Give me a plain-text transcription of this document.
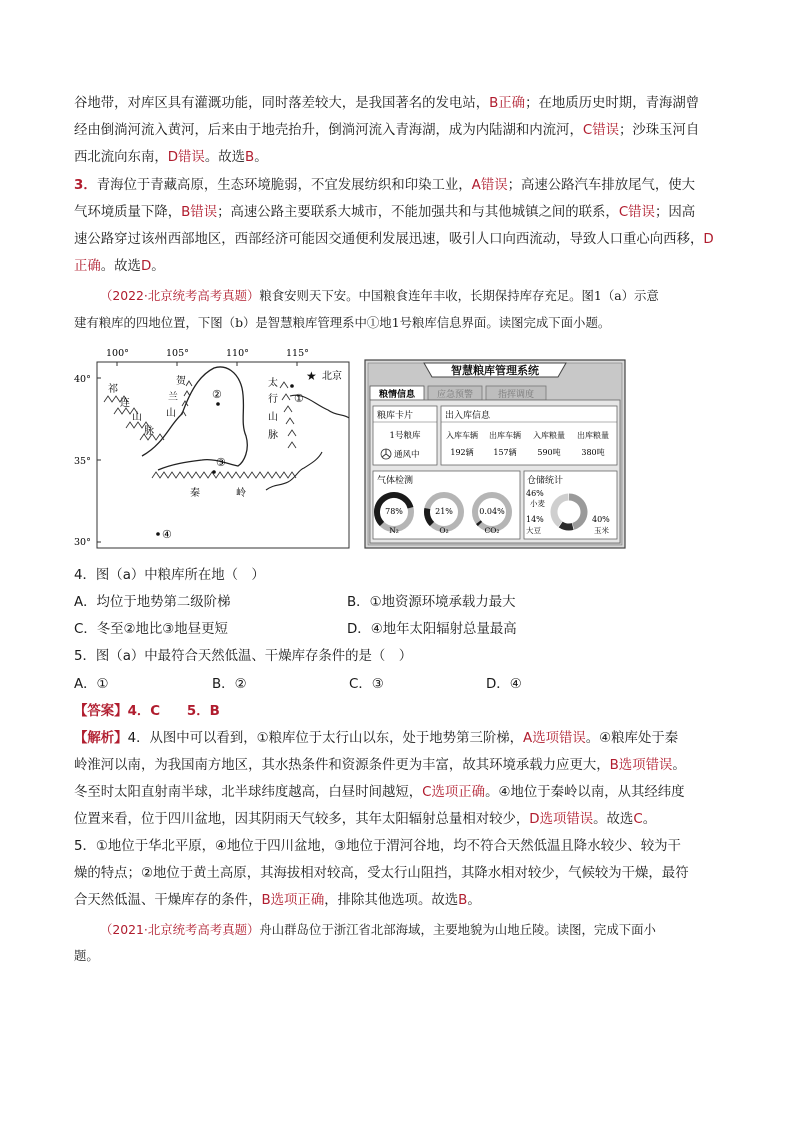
谷地带，对库区具有灌溉功能，同时落差较大，是我国著名的发电站，B正确；在地质历史时期，青海湖曾
经由倒淌河流入黄河，后来由于地壳抬升，倒淌河流入青海湖，成为内陆湖和内流河，C错误；沙珠玉河自
西北流向东南，D错误。故选B。
3．青海位于青藏高原，生态环境脆弱，不宜发展纺织和印染工业，A错误；高速公路汽车排放尾气，使大
气环境质量下降，B错误；高速公路主要联系大城市，不能加强共和与其他城镇之间的联系，C错误；因高
速公路穿过该州西部地区，西部经济可能因交通便利发展迅速，吸引人口向西流动，导致人口重心向西移，D
正确。故选D。
（2022·北京统考高考真题）粮食安则天下安。中国粮食连年丰收，长期保持库存充足。图1（a）示意
建有粮库的四地位置，下图（b）是智慧粮库管理系中①地1号粮库信息界面。读图完成下面小题。
100°	105°	110°	115°
40°
35°
30°
祁
连
山
脉
贺
兰
山
太
行
山
脉
秦	岭
★ 北京
①
②
③
④
智慧粮库管理系统
粮情信息 应急预警	指挥调度
粮库卡片
1号粮库
通风中
出入库信息
入库车辆 出库车辆 入库粮量 出库粮量
192辆 157辆	590吨	380吨
气体检测
78%
N₂
21%
O₂
0.04%
CO₂
仓储统计
46%
小麦
14%
大豆
40%
玉米
4．图（a）中粮库所在地（　）
A．均位于地势第二级阶梯	B．①地资源环境承载力最大
C．冬至②地比③地昼更短	D．④地年太阳辐射总量最高
5．图（a）中最符合天然低温、干燥库存条件的是（　）
A．①	B．②	C．③	D．④
【答案】4．C　　5．B
【解析】4．从图中可以看到，①粮库位于太行山以东，处于地势第三阶梯，A选项错误。④粮库处于秦
岭淮河以南，为我国南方地区，其水热条件和资源条件更为丰富，故其环境承载力应更大，B选项错误。
冬至时太阳直射南半球，北半球纬度越高，白昼时间越短，C选项正确。④地位于秦岭以南，从其经纬度
位置来看，位于四川盆地，因其阴雨天气较多，其年太阳辐射总量相对较少，D选项错误。故选C。
5．①地位于华北平原，④地位于四川盆地，③地位于渭河谷地，均不符合天然低温且降水较少、较为干
燥的特点；②地位于黄土高原，其海拔相对较高，受太行山阻挡，其降水相对较少，气候较为干燥，最符
合天然低温、干燥库存的条件，B选项正确，排除其他选项。故选B。
（2021·北京统考高考真题）舟山群岛位于浙江省北部海域，主要地貌为山地丘陵。读图，完成下面小
题。
